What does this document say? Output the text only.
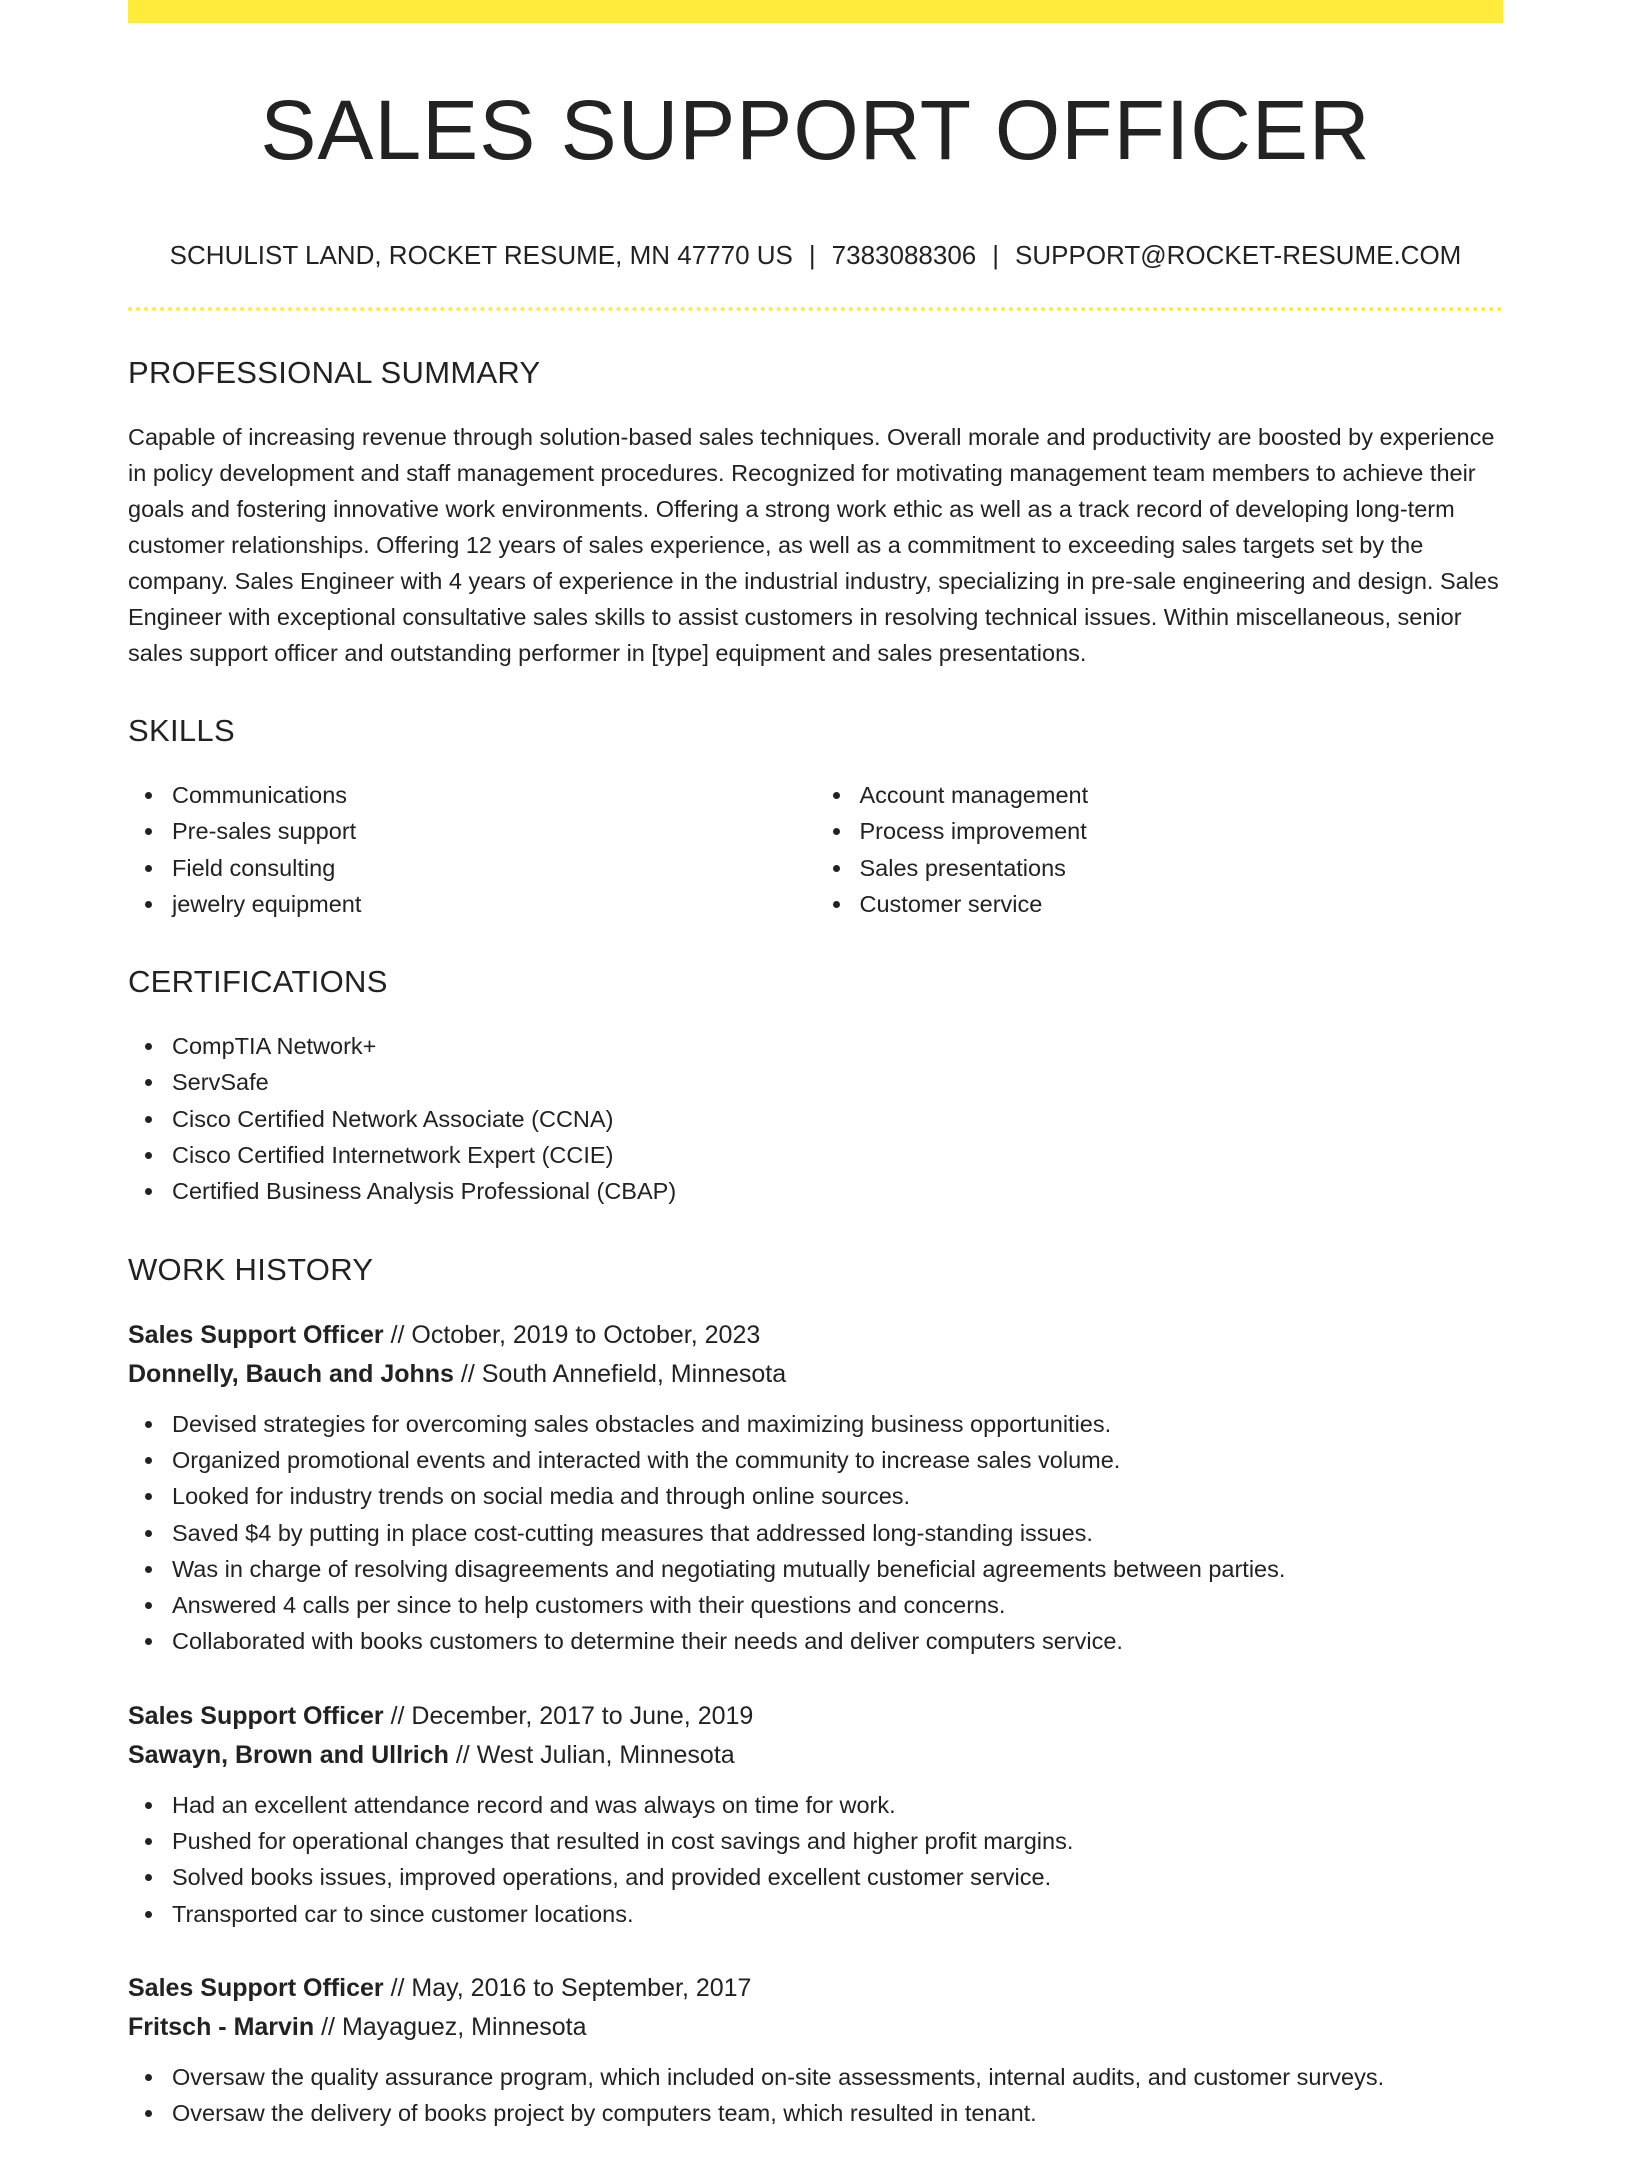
SALES SUPPORT OFFICER
SCHULIST LAND, ROCKET RESUME, MN 47770 US | 7383088306 | SUPPORT@ROCKET-RESUME.COM
PROFESSIONAL SUMMARY

Capable of increasing revenue through solution-based sales techniques. Overall morale and productivity are boosted by experience in policy development and staff management procedures. Recognized for motivating management team members to achieve their goals and fostering innovative work environments. Offering a strong work ethic as well as a track record of developing long-term customer relationships. Offering 12 years of sales experience, as well as a commitment to exceeding sales targets set by the company. Sales Engineer with 4 years of experience in the industrial industry, specializing in pre-sale engineering and design. Sales Engineer with exceptional consultative sales skills to assist customers in resolving technical issues. Within miscellaneous, senior sales support officer and outstanding performer in [type] equipment and sales presentations.

SKILLS
Communications
Pre-sales support
Field consulting
jewelry equipment
Account management
Process improvement
Sales presentations
Customer service
CERTIFICATIONS
CompTIA Network+
ServSafe
Cisco Certified Network Associate (CCNA)
Cisco Certified Internetwork Expert (CCIE)
Certified Business Analysis Professional (CBAP)
WORK HISTORY
Sales Support Officer // October, 2019 to October, 2023
Donnelly, Bauch and Johns // South Annefield, Minnesota
Devised strategies for overcoming sales obstacles and maximizing business opportunities.
Organized promotional events and interacted with the community to increase sales volume.
Looked for industry trends on social media and through online sources.
Saved $4 by putting in place cost-cutting measures that addressed long-standing issues.
Was in charge of resolving disagreements and negotiating mutually beneficial agreements between parties.
Answered 4 calls per since to help customers with their questions and concerns.
Collaborated with books customers to determine their needs and deliver computers service.
Sales Support Officer // December, 2017 to June, 2019
Sawayn, Brown and Ullrich // West Julian, Minnesota
Had an excellent attendance record and was always on time for work.
Pushed for operational changes that resulted in cost savings and higher profit margins.
Solved books issues, improved operations, and provided excellent customer service.
Transported car to since customer locations.
Sales Support Officer // May, 2016 to September, 2017
Fritsch - Marvin // Mayaguez, Minnesota
Oversaw the quality assurance program, which included on-site assessments, internal audits, and customer surveys.
Oversaw the delivery of books project by computers team, which resulted in tenant.
